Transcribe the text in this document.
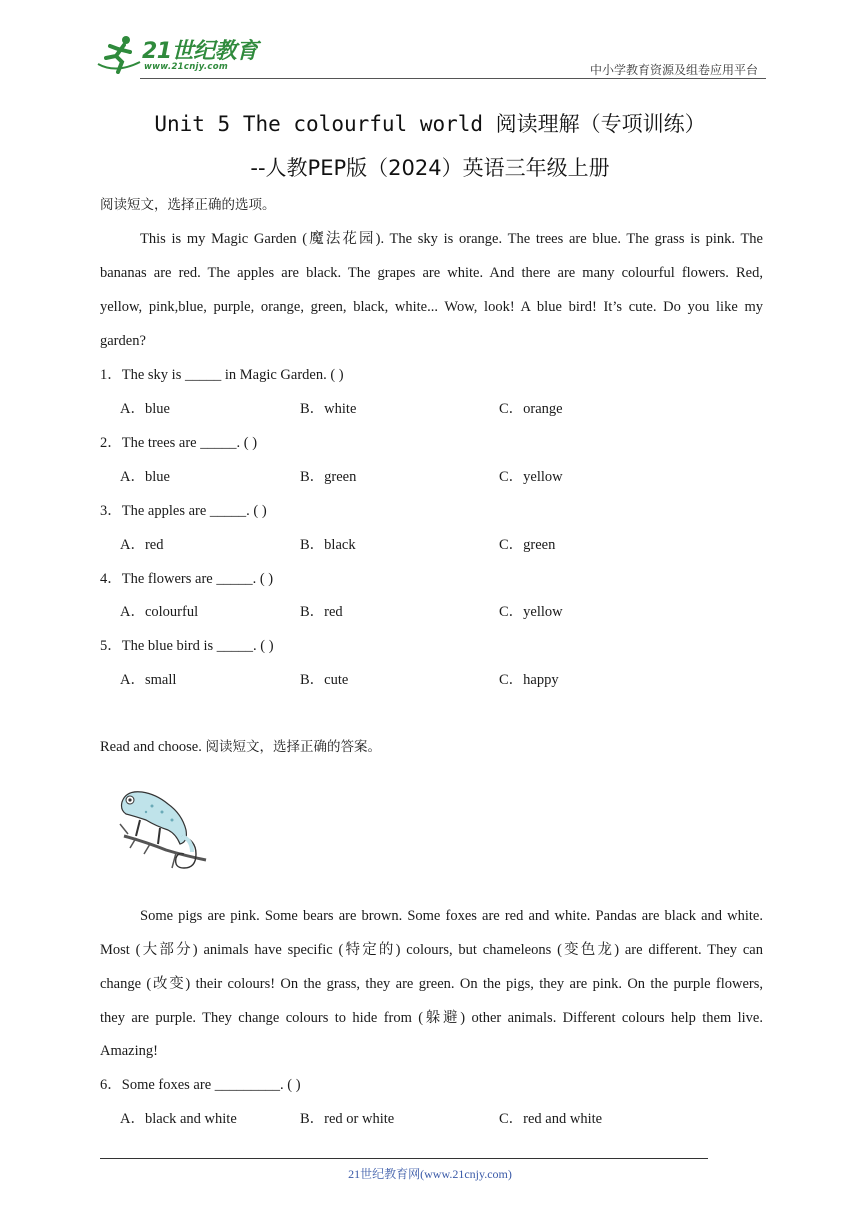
21世纪教育
www.21cnjy.com	中小学教育资源及组卷应用平台
Unit 5 The colourful world 阅读理解（专项训练）
--人教PEP版（2024）英语三年级上册
阅读短文，选择正确的选项。
This is my Magic Garden (魔法花园). The sky is orange. The trees are blue. The grass is pink. The
bananas are red. The apples are black. The grapes are white. And there are many colourful flowers. Red,
yellow, pink,blue, purple, orange, green, black, white... Wow, look! A blue bird! It’s cute. Do you like my
garden?
1．The sky is _____ in Magic Garden. ( )
A．blue	B．white	C．orange
2．The trees are _____. ( )
A．blue	B．green	C．yellow
3．The apples are _____. ( )
A．red	B．black	C．green
4．The flowers are _____. ( )
A．colourful	B．red	C．yellow
5．The blue bird is _____. ( )
A．small	B．cute	C．happy
Read and choose. 阅读短文，选择正确的答案。
Some pigs are pink. Some bears are brown. Some foxes are red and white. Pandas are black and white.
Most (大部分) animals have specific (特定的) colours, but chameleons (变色龙) are different. They can
change (改变) their colours! On the grass, they are green. On the pigs, they are pink. On the purple flowers,
they are purple. They change colours to hide from (躲避) other animals. Different colours help them live.
Amazing!
6．Some foxes are _________. ( )
A．black and white	B．red or white	C．red and white
21世纪教育网(www.21cnjy.com)
